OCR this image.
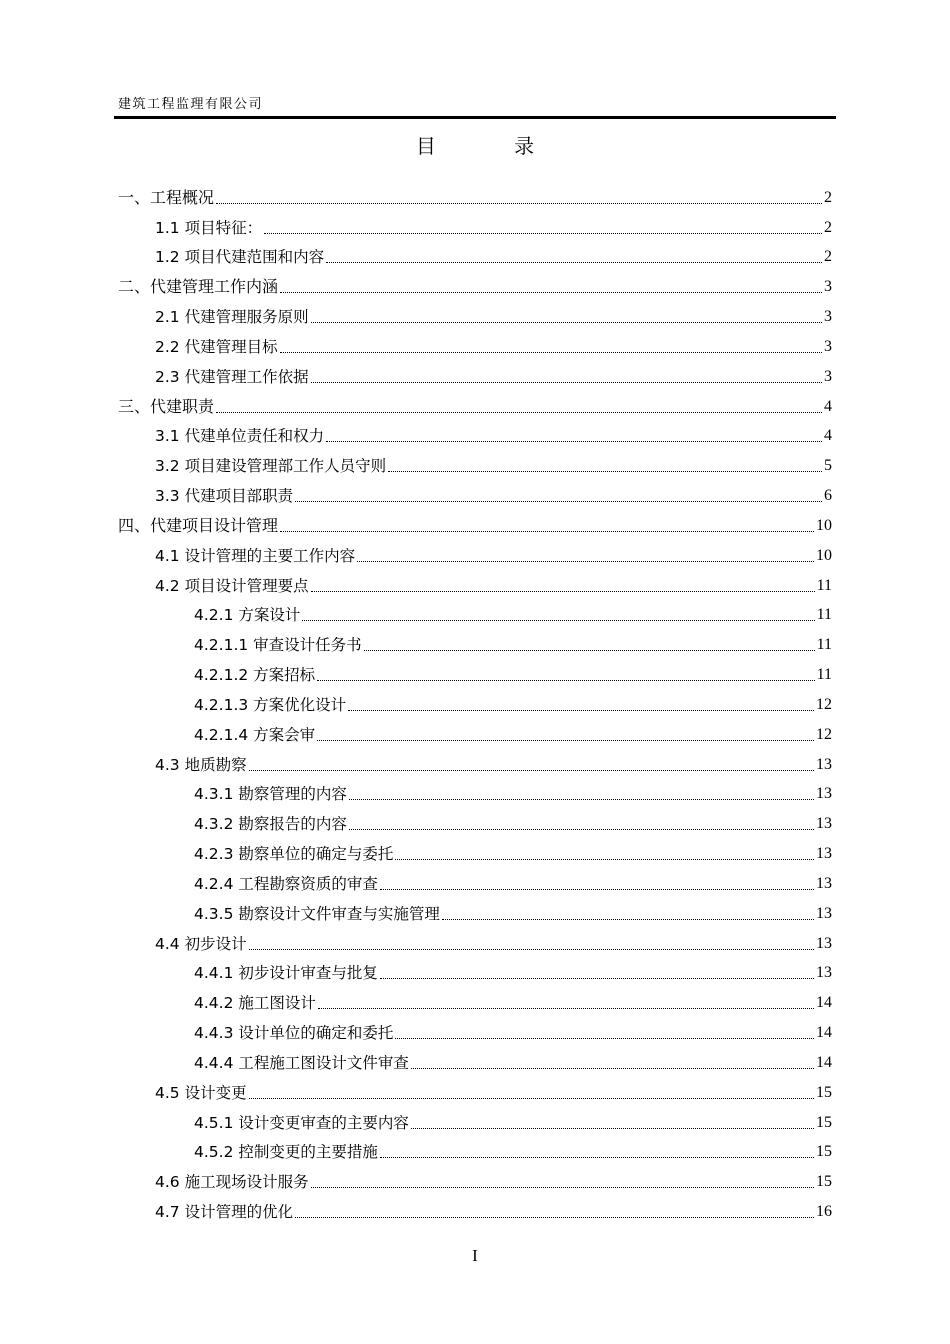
建筑工程监理有限公司
目 录
一、工程概况	2
1.1 项目特征：	2
1.2 项目代建范围和内容	2
二、代建管理工作内涵	3
2.1 代建管理服务原则	3
2.2 代建管理目标	3
2.3 代建管理工作依据	3
三、代建职责	4
3.1 代建单位责任和权力	4
3.2 项目建设管理部工作人员守则	5
3.3 代建项目部职责	6
四、代建项目设计管理	10
4.1 设计管理的主要工作内容	10
4.2 项目设计管理要点	11
4.2.1 方案设计	11
4.2.1.1 审查设计任务书	11
4.2.1.2 方案招标	11
4.2.1.3 方案优化设计	12
4.2.1.4 方案会审	12
4.3 地质勘察	13
4.3.1 勘察管理的内容	13
4.3.2 勘察报告的内容	13
4.2.3 勘察单位的确定与委托	13
4.2.4 工程勘察资质的审查	13
4.3.5 勘察设计文件审查与实施管理	13
4.4 初步设计	13
4.4.1 初步设计审查与批复	13
4.4.2 施工图设计	14
4.4.3 设计单位的确定和委托	14
4.4.4 工程施工图设计文件审查	14
4.5 设计变更	15
4.5.1 设计变更审查的主要内容	15
4.5.2 控制变更的主要措施	15
4.6 施工现场设计服务	15
4.7 设计管理的优化	16
I
